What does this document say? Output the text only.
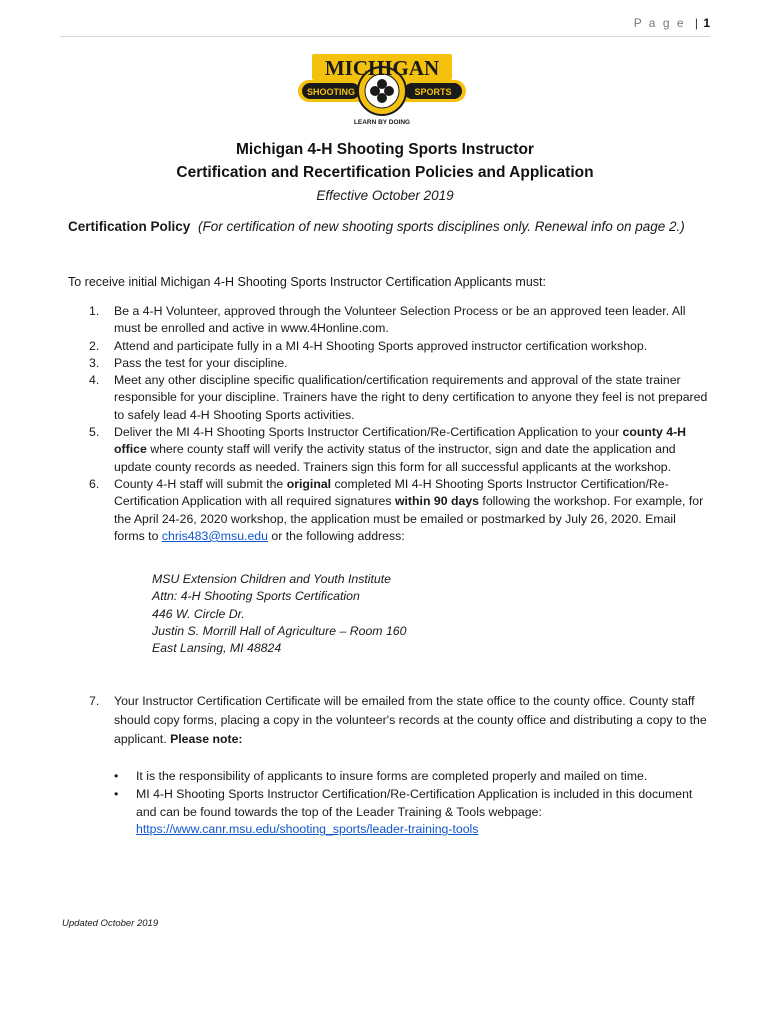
P a g e | 1
MICHIGAN
SHOOTING	SPORTS
LEARN BY DOING
Michigan 4-H Shooting Sports Instructor
Certification and Recertification Policies and Application
Effective October 2019
Certification Policy (For certification of new shooting sports disciplines only. Renewal info on page 2.)
To receive initial Michigan 4-H Shooting Sports Instructor Certification Applicants must:
1. Be a 4-H Volunteer, approved through the Volunteer Selection Process or be an approved teen leader. All must be enrolled and active in www.4Honline.com.
2. Attend and participate fully in a MI 4-H Shooting Sports approved instructor certification workshop.
3. Pass the test for your discipline.
4. Meet any other discipline specific qualification/certification requirements and approval of the state trainer responsible for your discipline. Trainers have the right to deny certification to anyone they feel is not prepared to safely lead 4-H Shooting Sports activities.
5. Deliver the MI 4-H Shooting Sports Instructor Certification/Re-Certification Application to your county 4-H office where county staff will verify the activity status of the instructor, sign and date the application and update county records as needed. Trainers sign this form for all successful applicants at the workshop.
6. County 4-H staff will submit the original completed MI 4-H Shooting Sports Instructor Certification/Re-Certification Application with all required signatures within 90 days following the workshop. For example, for the April 24-26, 2020 workshop, the application must be emailed or postmarked by July 26, 2020. Email forms to chris483@msu.edu or the following address:
MSU Extension Children and Youth Institute
Attn: 4-H Shooting Sports Certification
446 W. Circle Dr.
Justin S. Morrill Hall of Agriculture – Room 160
East Lansing, MI 48824
7. Your Instructor Certification Certificate will be emailed from the state office to the county office. County staff should copy forms, placing a copy in the volunteer's records at the county office and distributing a copy to the applicant. Please note:
• It is the responsibility of applicants to insure forms are completed properly and mailed on time.
• MI 4-H Shooting Sports Instructor Certification/Re-Certification Application is included in this document and can be found towards the top of the Leader Training & Tools webpage:
https://www.canr.msu.edu/shooting_sports/leader-training-tools
Updated October 2019
